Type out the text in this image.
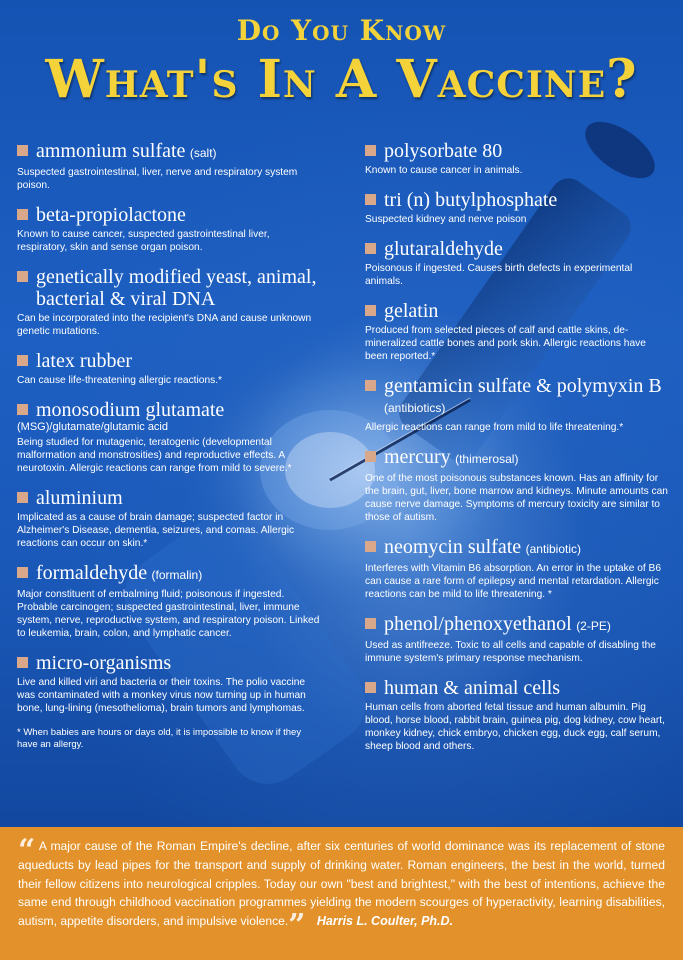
Do You Know
What's In A Vaccine?
ammonium sulfate (salt)
Suspected gastrointestinal, liver, nerve and respiratory system poison.
beta-propiolactone
Known to cause cancer, suspected gastrointestinal liver, respiratory, skin and sense organ poison.
genetically modified yeast, animal, bacterial & viral DNA
Can be incorporated into the recipient's DNA and cause unknown genetic mutations.
latex rubber
Can cause life-threatening allergic reactions.*
monosodium glutamate
(MSG)/glutamate/glutamic acid
Being studied for mutagenic, teratogenic (developmental malformation and monstrosities) and reproductive effects. A neurotoxin. Allergic reactions can range from mild to severe.*
aluminium
Implicated as a cause of brain damage; suspected factor in Alzheimer's Disease, dementia, seizures, and comas. Allergic reactions can occur on skin.*
formaldehyde (formalin)
Major constituent of embalming fluid; poisonous if ingested. Probable carcinogen; suspected gastrointestinal, liver, immune system, nerve, reproductive system, and respiratory poison. Linked to leukemia, brain, colon, and lymphatic cancer.
micro-organisms
Live and killed viri and bacteria or their toxins. The polio vaccine was contaminated with a monkey virus now turning up in human bone, lung-lining (mesothelioma), brain tumors and lymphomas.
* When babies are hours or days old, it is impossible to know if they have an allergy.
polysorbate 80
Known to cause cancer in animals.
tri (n) butylphosphate
Suspected kidney and nerve poison
glutaraldehyde
Poisonous if ingested. Causes birth defects in experimental animals.
gelatin
Produced from selected pieces of calf and cattle skins, de-mineralized cattle bones and pork skin. Allergic reactions have been reported.*
gentamicin sulfate & polymyxin B (antibiotics)
Allergic reactions can range from mild to life threatening.*
mercury (thimerosal)
One of the most poisonous substances known. Has an affinity for the brain, gut, liver, bone marrow and kidneys. Minute amounts can cause nerve damage. Symptoms of mercury toxicity are similar to those of autism.
neomycin sulfate (antibiotic)
Interferes with Vitamin B6 absorption. An error in the uptake of B6 can cause a rare form of epilepsy and mental retardation. Allergic reactions can be mild to life threatening. *
phenol/phenoxyethanol (2-PE)
Used as antifreeze. Toxic to all cells and capable of disabling the immune system's primary response mechanism.
human & animal cells
Human cells from aborted fetal tissue and human albumin. Pig blood, horse blood, rabbit brain, guinea pig, dog kidney, cow heart, monkey kidney, chick embryo, chicken egg, duck egg, calf serum, sheep blood and others.
“ A major cause of the Roman Empire's decline, after six centuries of world dominance was its replacement of stone aqueducts by lead pipes for the transport and supply of drinking water. Roman engineers, the best in the world, turned their fellow citizens into neurological cripples. Today our own "best and brightest," with the best of intentions, achieve the same end through childhood vaccination programmes yielding the modern scourges of hyperactivity, learning disabilities, autism, appetite disorders, and impulsive violence.” Harris L. Coulter, Ph.D.
